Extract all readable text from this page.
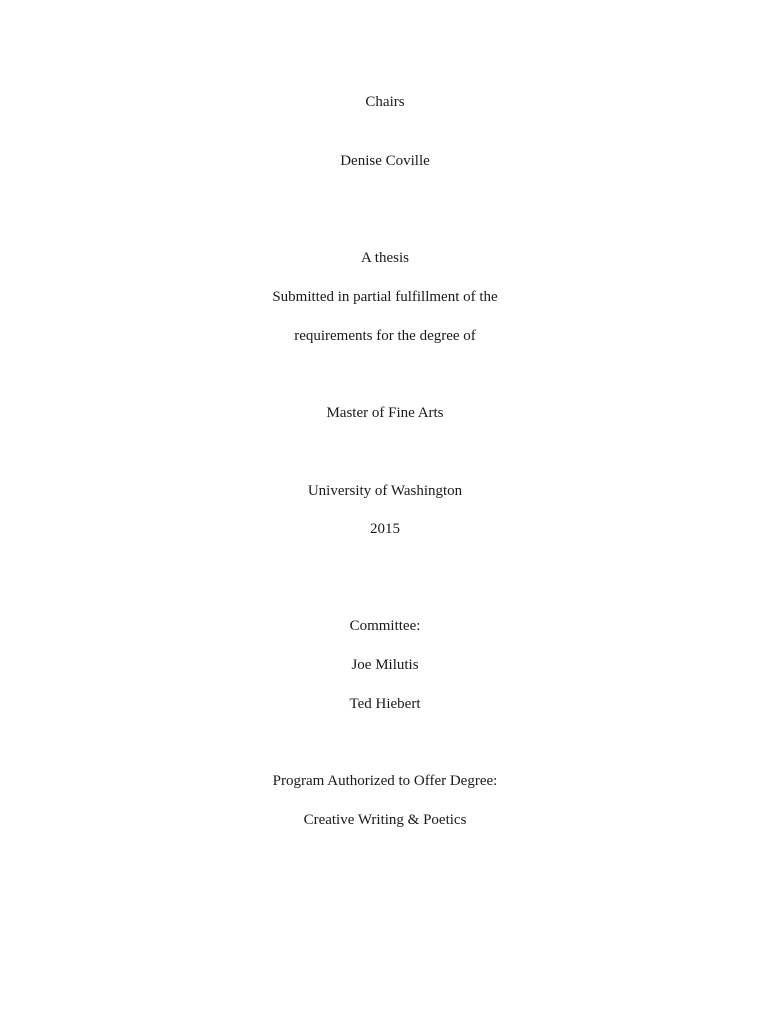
Chairs
Denise Coville
A thesis
Submitted in partial fulfillment of the
requirements for the degree of
Master of Fine Arts
University of Washington
2015
Committee:
Joe Milutis
Ted Hiebert
Program Authorized to Offer Degree:
Creative Writing & Poetics
